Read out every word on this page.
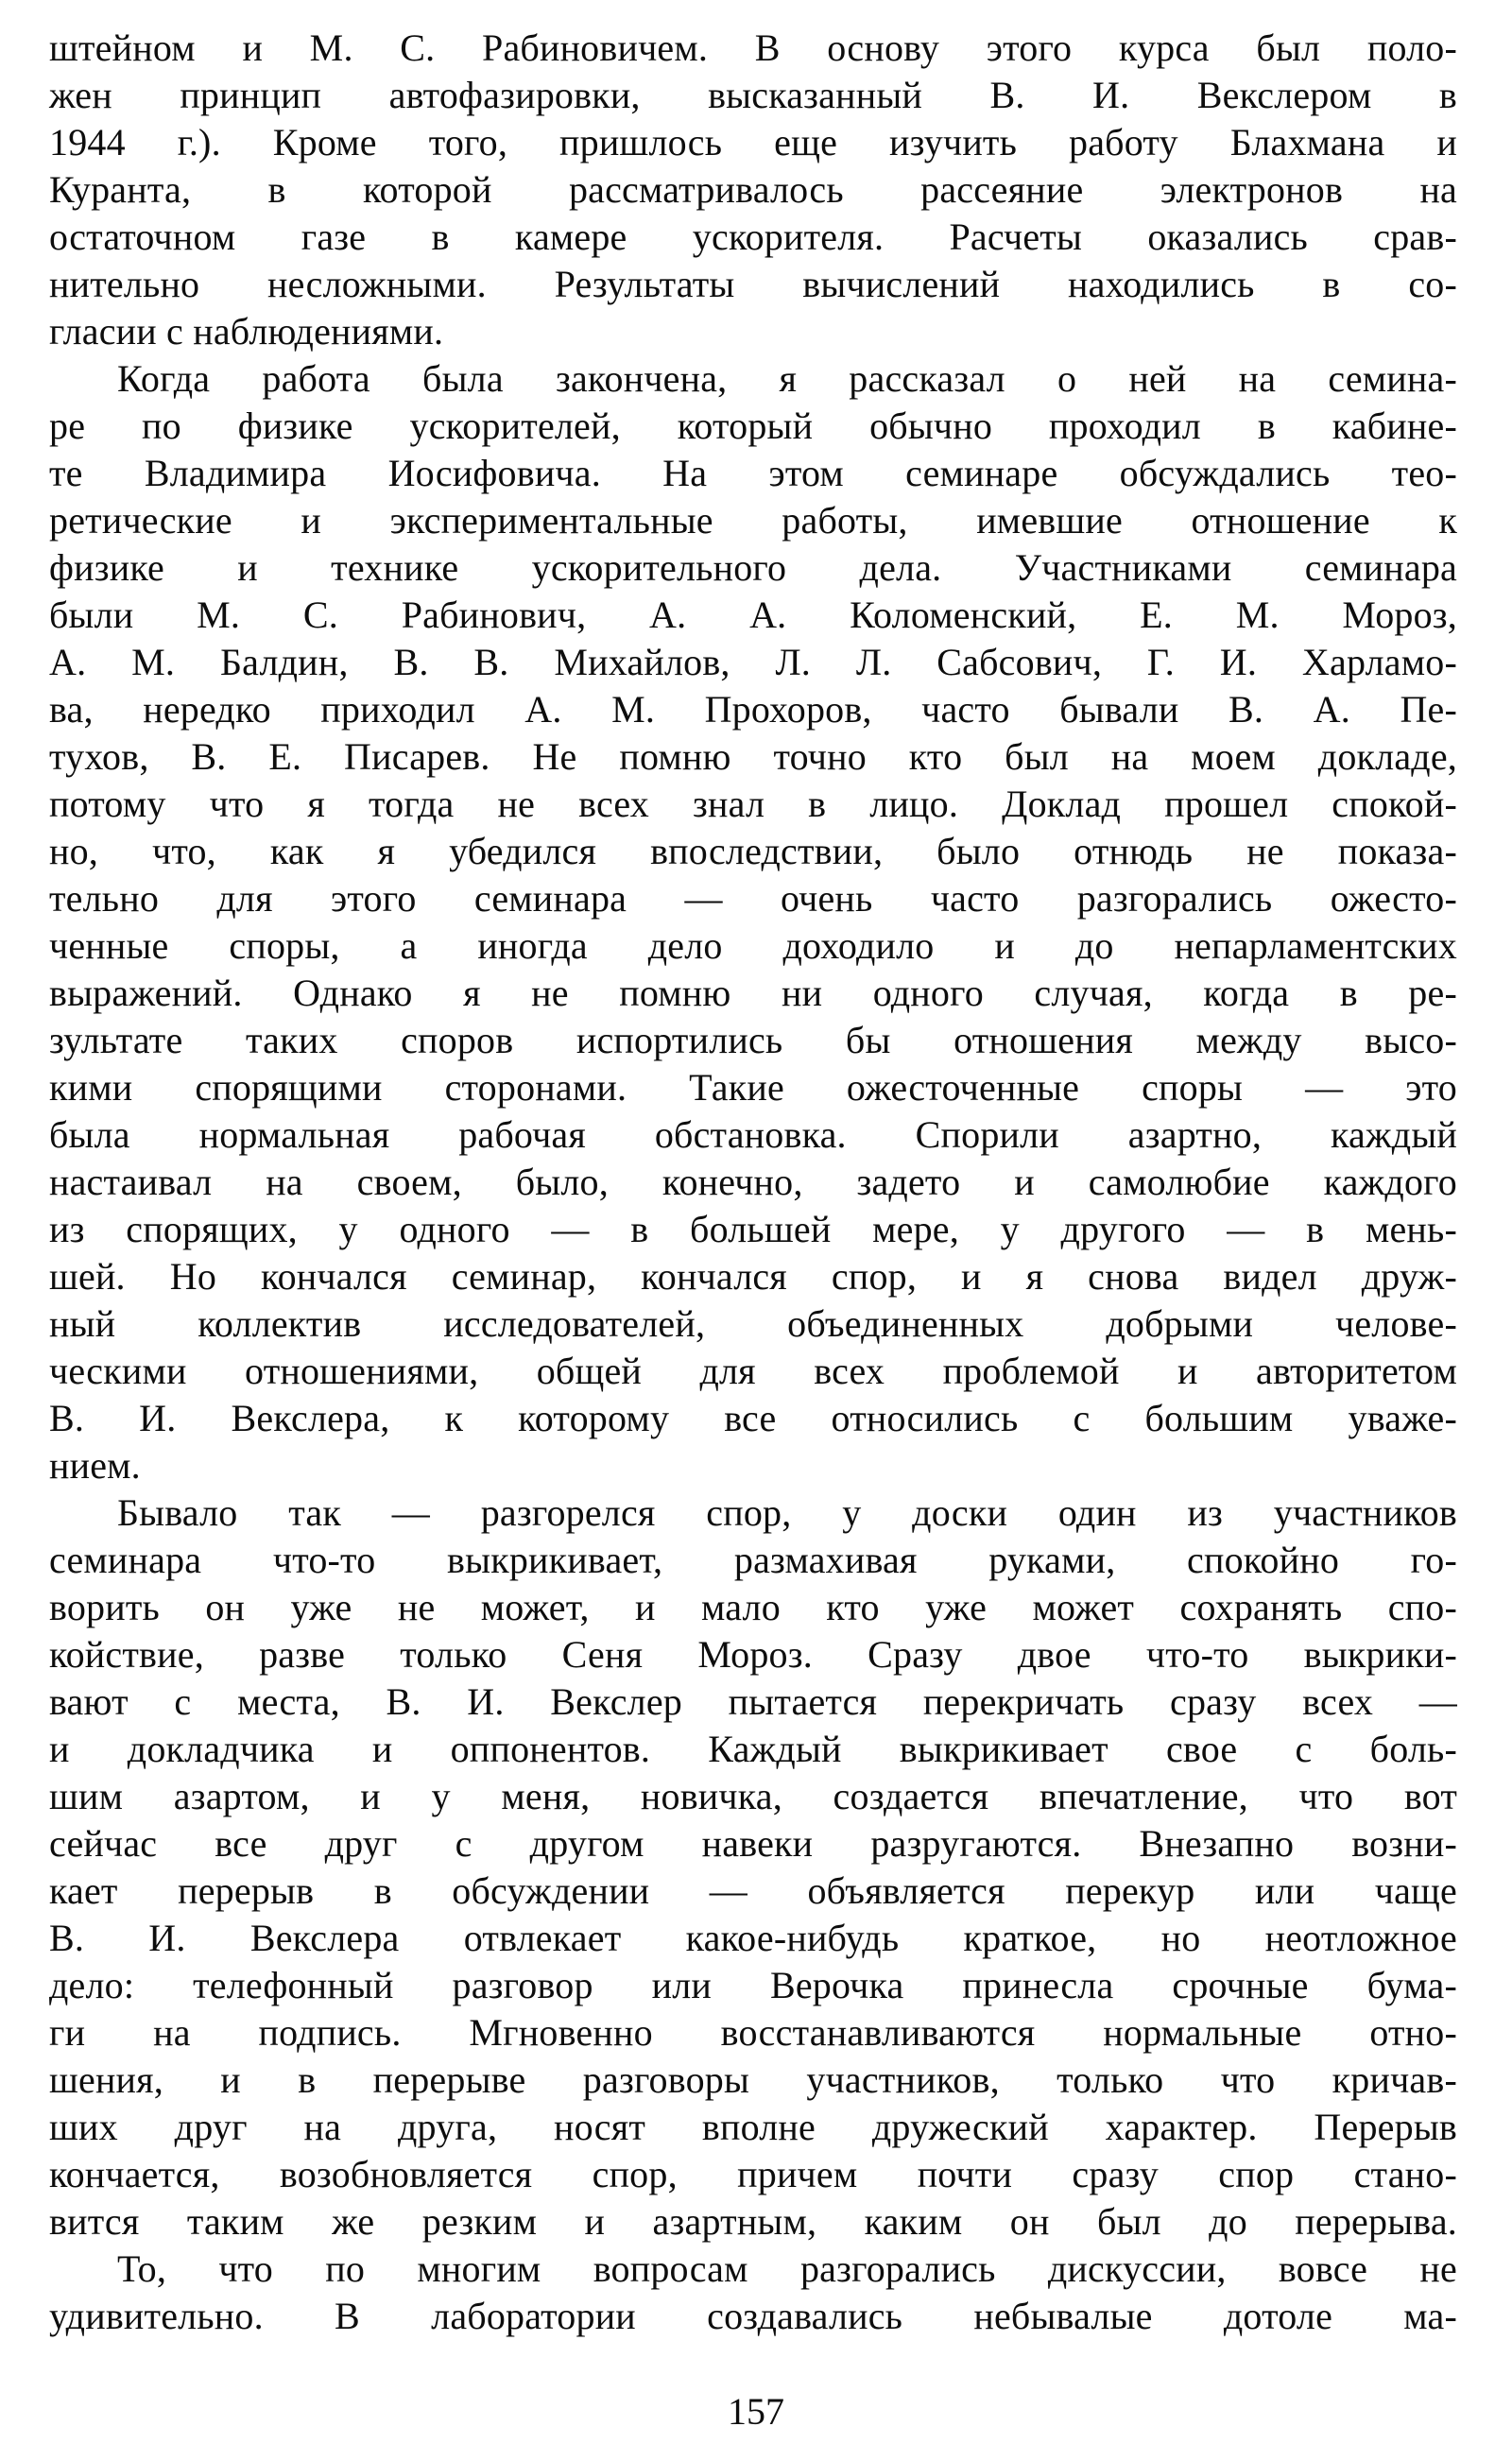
штейном и М. С. Рабиновичем. В основу этого курса был поло-
жен принцип автофазировки, высказанный В. И. Векслером в
1944 г.). Кроме того, пришлось еще изучить работу Блахмана и
Куранта, в которой рассматривалось рассеяние электронов на
остаточном газе в камере ускорителя. Расчеты оказались срав-
нительно несложными. Результаты вычислений находились в со-
гласии с наблюдениями.
Когда работа была закончена, я рассказал о ней на семина-
ре по физике ускорителей, который обычно проходил в кабине-
те Владимира Иосифовича. На этом семинаре обсуждались тео-
ретические и экспериментальные работы, имевшие отношение к
физике и технике ускорительного дела. Участниками семинара
были М. С. Рабинович, А. А. Коломенский, Е. М. Мороз,
А. М. Балдин, В. В. Михайлов, Л. Л. Сабсович, Г. И. Харламо-
ва, нередко приходил А. М. Прохоров, часто бывали В. А. Пе-
тухов, В. Е. Писарев. Не помню точно кто был на моем докладе,
потому что я тогда не всех знал в лицо. Доклад прошел спокой-
но, что, как я убедился впоследствии, было отнюдь не показа-
тельно для этого семинара — очень часто разгорались ожесто-
ченные споры, а иногда дело доходило и до непарламентских
выражений. Однако я не помню ни одного случая, когда в ре-
зультате таких споров испортились бы отношения между высо-
кими спорящими сторонами. Такие ожесточенные споры — это
была нормальная рабочая обстановка. Спорили азартно, каждый
настаивал на своем, было, конечно, задето и самолюбие каждого
из спорящих, у одного — в большей мере, у другого — в мень-
шей. Но кончался семинар, кончался спор, и я снова видел друж-
ный коллектив исследователей, объединенных добрыми челове-
ческими отношениями, общей для всех проблемой и авторитетом
В. И. Векслера, к которому все относились с большим уваже-
нием.
Бывало так — разгорелся спор, у доски один из участников
семинара что-то выкрикивает, размахивая руками, спокойно го-
ворить он уже не может, и мало кто уже может сохранять спо-
койствие, разве только Сеня Мороз. Сразу двое что-то выкрики-
вают с места, В. И. Векслер пытается перекричать сразу всех —
и докладчика и оппонентов. Каждый выкрикивает свое с боль-
шим азартом, и у меня, новичка, создается впечатление, что вот
сейчас все друг с другом навеки разругаются. Внезапно возни-
кает перерыв в обсуждении — объявляется перекур или чаще
В. И. Векслера отвлекает какое-нибудь краткое, но неотложное
дело: телефонный разговор или Верочка принесла срочные бума-
ги на подпись. Мгновенно восстанавливаются нормальные отно-
шения, и в перерыве разговоры участников, только что кричав-
ших друг на друга, носят вполне дружеский характер. Перерыв
кончается, возобновляется спор, причем почти сразу спор стано-
вится таким же резким и азартным, каким он был до перерыва.
То, что по многим вопросам разгорались дискуссии, вовсе не
удивительно. В лаборатории создавались небывалые дотоле ма-
157
